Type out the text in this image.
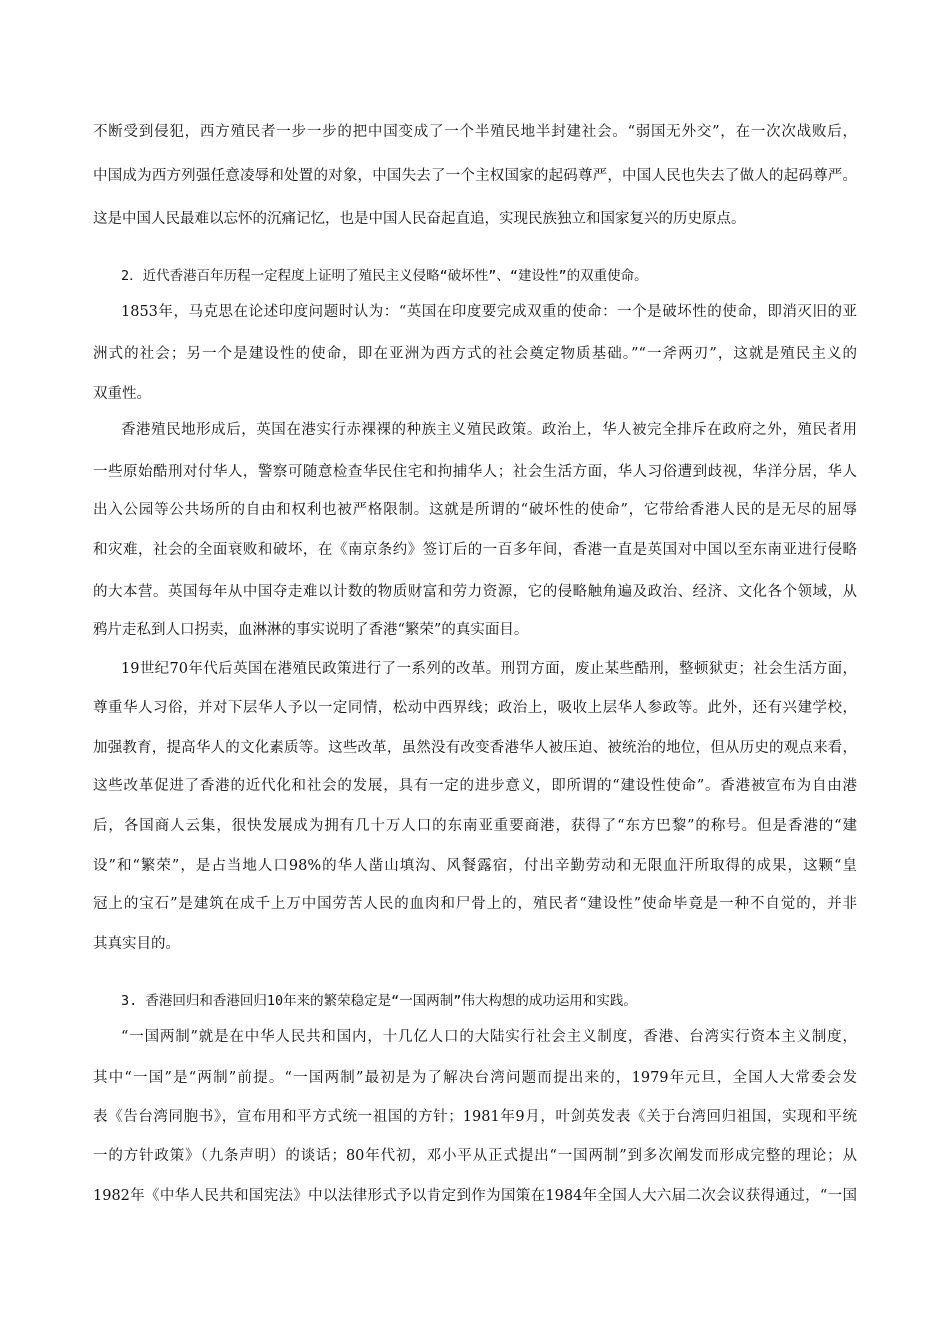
不断受到侵犯，西方殖民者一步一步的把中国变成了一个半殖民地半封建社会。“弱国无外交”，在一次次战败后，

中国成为西方列强任意凌辱和处置的对象，中国失去了一个主权国家的起码尊严，中国人民也失去了做人的起码尊严。

这是中国人民最难以忘怀的沉痛记忆，也是中国人民奋起直追，实现民族独立和国家复兴的历史原点。

2．近代香港百年历程一定程度上证明了殖民主义侵略“破坏性”、“建设性”的双重使命。

1853年，马克思在论述印度问题时认为：“英国在印度要完成双重的使命：一个是破坏性的使命，即消灭旧的亚

洲式的社会；另一个是建设性的使命，即在亚洲为西方式的社会奠定物质基础。”“一斧两刃”，这就是殖民主义的

双重性。

香港殖民地形成后，英国在港实行赤裸裸的种族主义殖民政策。政治上，华人被完全排斥在政府之外，殖民者用

一些原始酷刑对付华人，警察可随意检查华民住宅和拘捕华人；社会生活方面，华人习俗遭到歧视，华洋分居，华人

出入公园等公共场所的自由和权利也被严格限制。这就是所谓的“破坏性的使命”，它带给香港人民的是无尽的屈辱

和灾难，社会的全面衰败和破坏，在《南京条约》签订后的一百多年间，香港一直是英国对中国以至东南亚进行侵略

的大本营。英国每年从中国夺走难以计数的物质财富和劳力资源，它的侵略触角遍及政治、经济、文化各个领域，从

鸦片走私到人口拐卖，血淋淋的事实说明了香港“繁荣”的真实面目。

19世纪70年代后英国在港殖民政策进行了一系列的改革。刑罚方面，废止某些酷刑，整顿狱吏；社会生活方面，

尊重华人习俗，并对下层华人予以一定同情，松动中西界线；政治上，吸收上层华人参政等。此外，还有兴建学校，

加强教育，提高华人的文化素质等。这些改革，虽然没有改变香港华人被压迫、被统治的地位，但从历史的观点来看，

这些改革促进了香港的近代化和社会的发展，具有一定的进步意义，即所谓的“建设性使命”。香港被宣布为自由港

后，各国商人云集，很快发展成为拥有几十万人口的东南亚重要商港，获得了“东方巴黎”的称号。但是香港的“建

设”和“繁荣”，是占当地人口98%的华人凿山填沟、风餐露宿，付出辛勤劳动和无限血汗所取得的成果，这颗“皇

冠上的宝石”是建筑在成千上万中国劳苦人民的血肉和尸骨上的，殖民者“建设性”使命毕竟是一种不自觉的，并非

其真实目的。

3. 香港回归和香港回归10年来的繁荣稳定是“一国两制”伟大构想的成功运用和实践。

“一国两制”就是在中华人民共和国内，十几亿人口的大陆实行社会主义制度，香港、台湾实行资本主义制度，

其中“一国”是“两制”前提。“一国两制”最初是为了解决台湾问题而提出来的，1979年元旦，全国人大常委会发

表《告台湾同胞书》，宣布用和平方式统一祖国的方针；1981年9月，叶剑英发表《关于台湾回归祖国，实现和平统

一的方针政策》（九条声明）的谈话；80年代初，邓小平从正式提出“一国两制”到多次阐发而形成完整的理论；从

1982年《中华人民共和国宪法》中以法律形式予以肯定到作为国策在1984年全国人大六届二次会议获得通过，“一国
